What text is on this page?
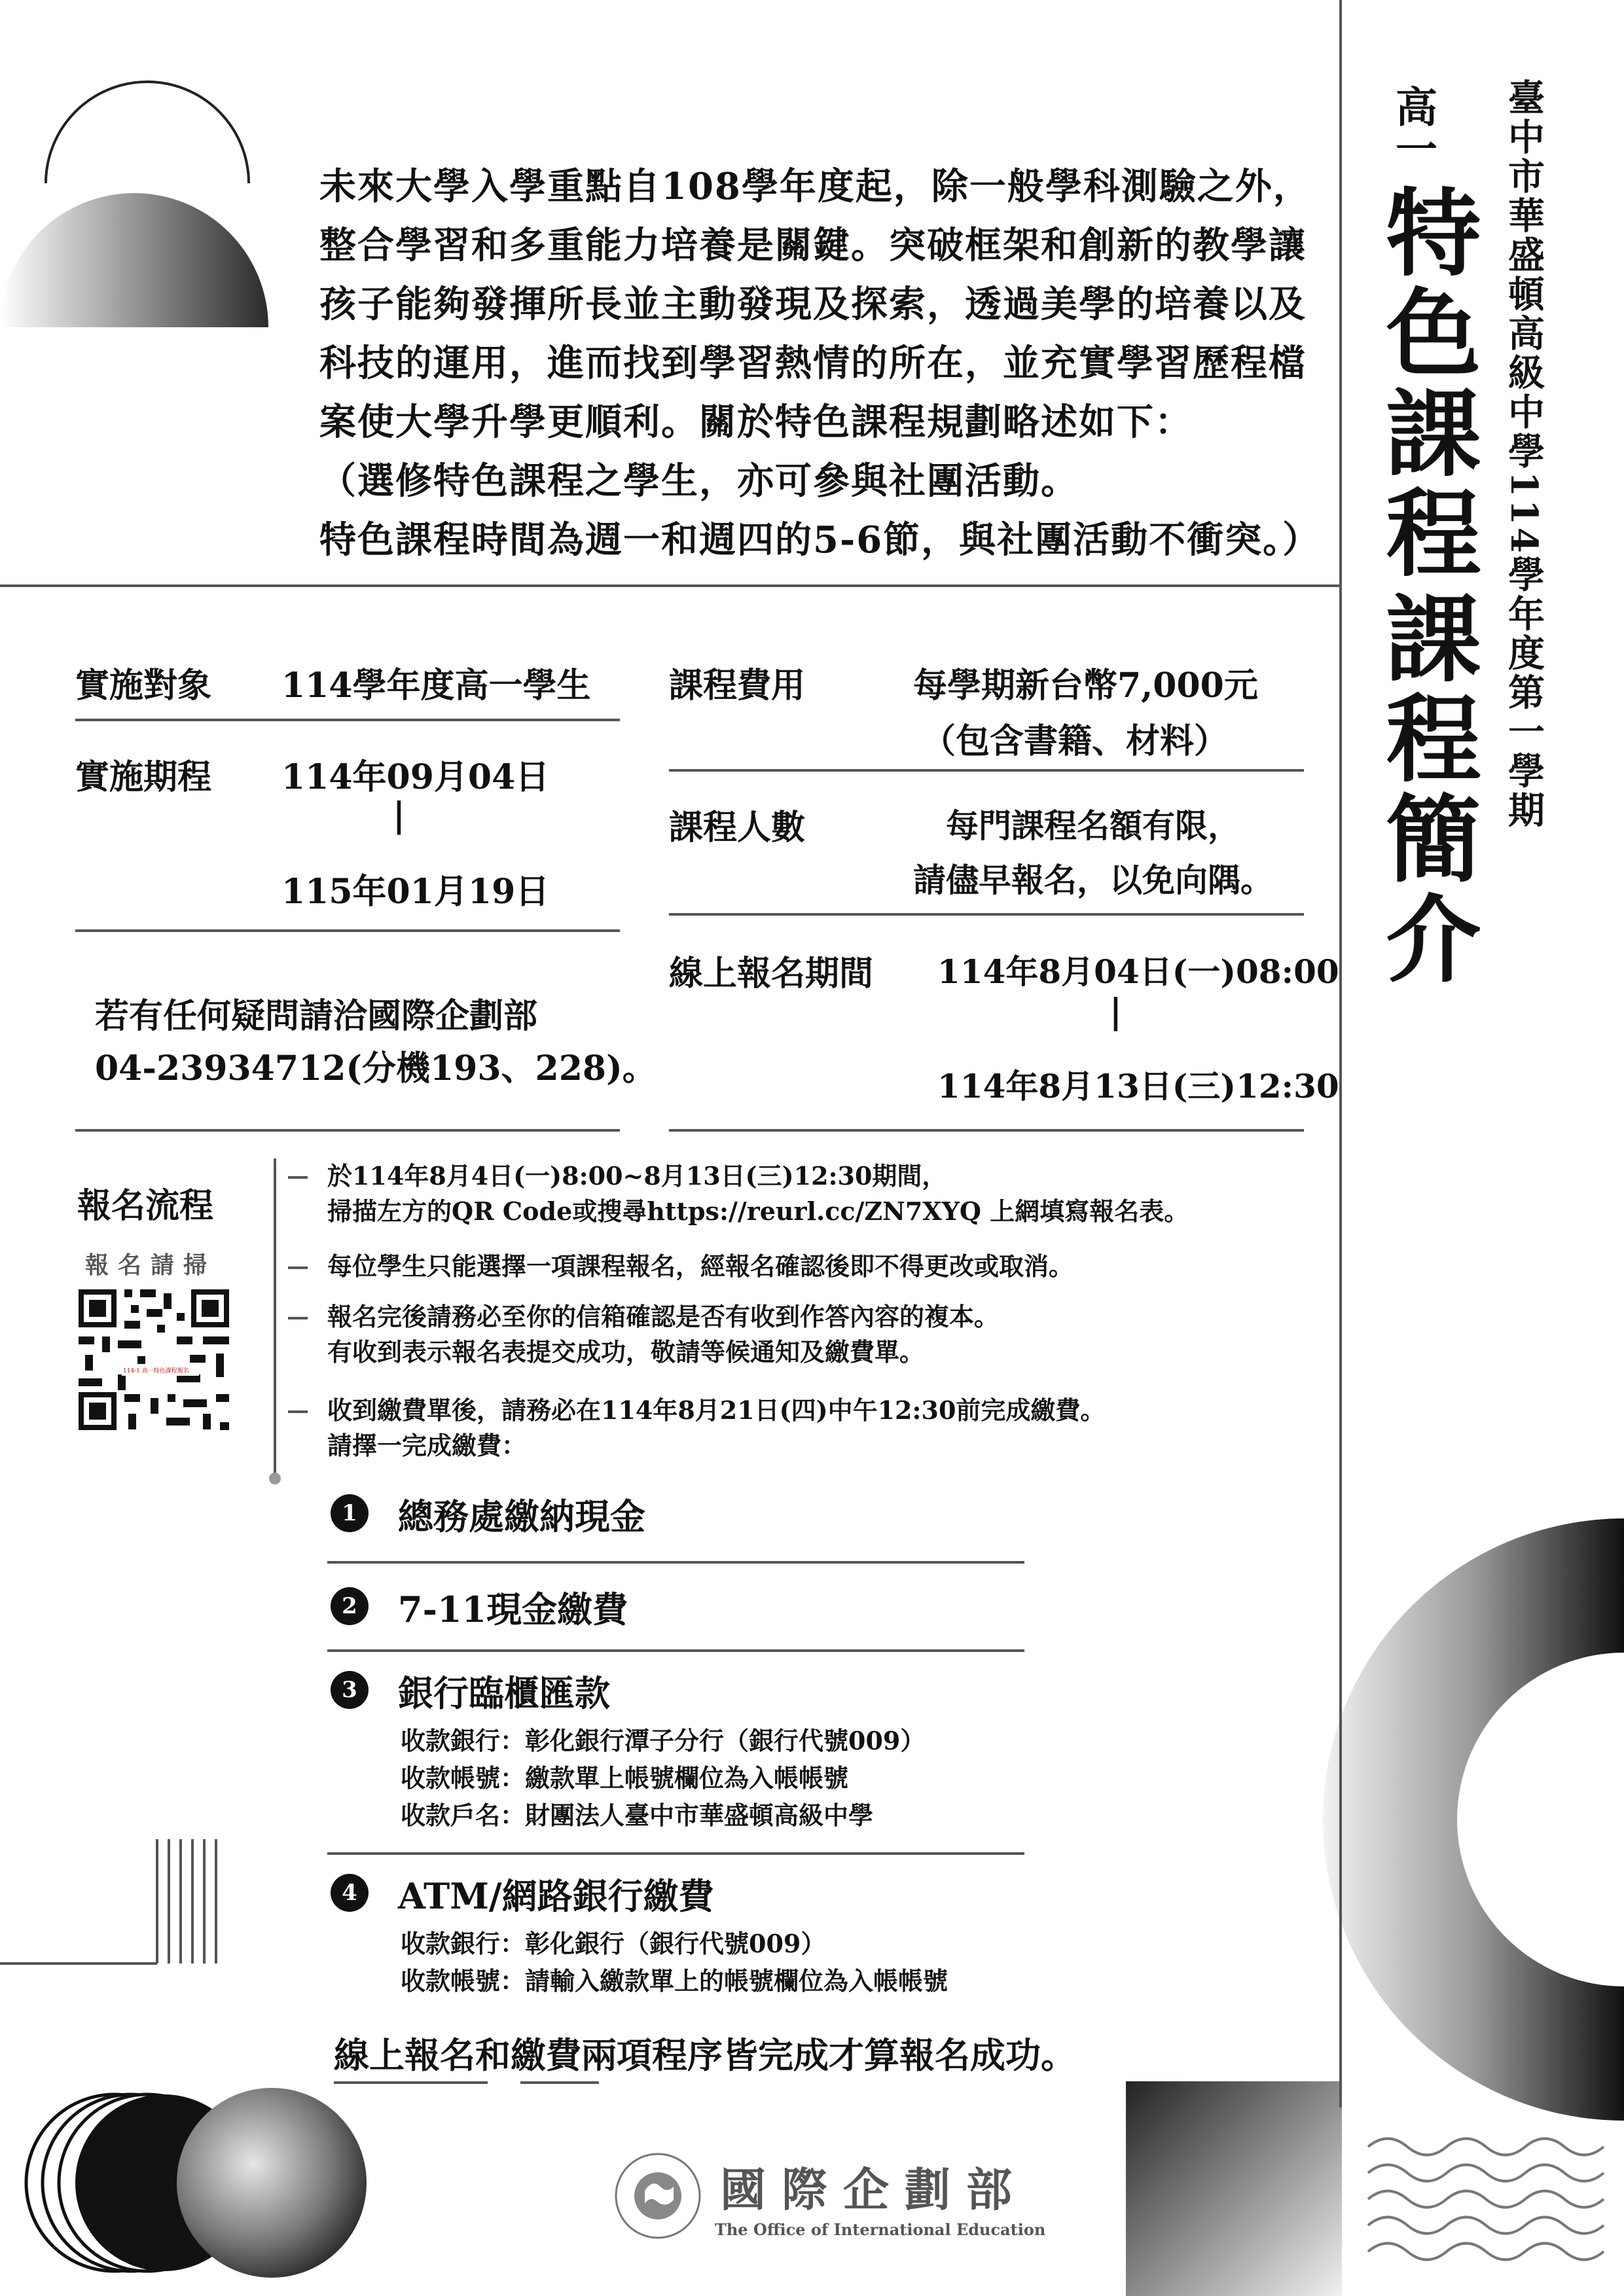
臺中市華盛頓高級中學114學年度第一學期
高一
特色課程
課程簡介

未來大學入學重點自108學年度起，除一般學科測驗之外，

整合學習和多重能力培養是關鍵。突破框架和創新的教學讓

孩子能夠發揮所長並主動發現及探索，透過美學的培養以及

科技的運用，進而找到學習熱情的所在，並充實學習歷程檔

案使大學升學更順利。關於特色課程規劃略述如下：

（選修特色課程之學生，亦可參與社團活動。

特色課程時間為週一和週四的5-6節，與社團活動不衝突。）

實施對象 114學年度高一學生
實施期程 114年09月04日
|
115年01月19日
若有任何疑問請洽國際企劃部
04-23934712(分機193、228)。
課程費用	每學期新台幣7,000元
（包含書籍、材料）
課程人數	每門課程名額有限，
請儘早報名，以免向隅。
線上報名期間 114年8月04日(一)08:00
|
114年8月13日(三)12:30
報名流程
報名請掃
114-1 高一特色課程報名
於114年8月4日(一)8:00~8月13日(三)12:30期間，
掃描左方的QR Code或搜尋https://reurl.cc/ZN7XYQ 上網填寫報名表。
每位學生只能選擇一項課程報名，經報名確認後即不得更改或取消。
報名完後請務必至你的信箱確認是否有收到作答內容的複本。
有收到表示報名表提交成功，敬請等候通知及繳費單。
收到繳費單後，請務必在114年8月21日(四)中午12:30前完成繳費。
請擇一完成繳費：
1	總務處繳納現金
2	7-11現金繳費
3	銀行臨櫃匯款
收款銀行：彰化銀行潭子分行（銀行代號009）
收款帳號：繳款單上帳號欄位為入帳帳號
收款戶名：財團法人臺中市華盛頓高級中學
4	ATM/網路銀行繳費
收款銀行：彰化銀行（銀行代號009）
收款帳號：請輸入繳款單上的帳號欄位為入帳帳號
線上報名和繳費兩項程序皆完成才算報名成功。
國際企劃部
The Office of International Education
